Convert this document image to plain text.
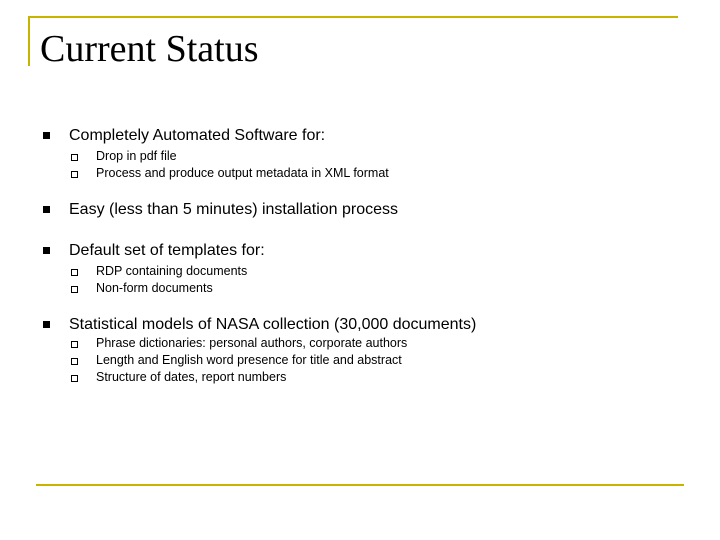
Current Status
Completely Automated Software for:
Drop in pdf file
Process and produce output metadata in XML format
Easy (less than 5 minutes) installation process
Default set of templates for:
RDP containing documents
Non-form documents
Statistical models of NASA collection (30,000 documents)
Phrase dictionaries: personal authors, corporate authors
Length and English word presence for title and abstract
Structure of dates, report numbers
